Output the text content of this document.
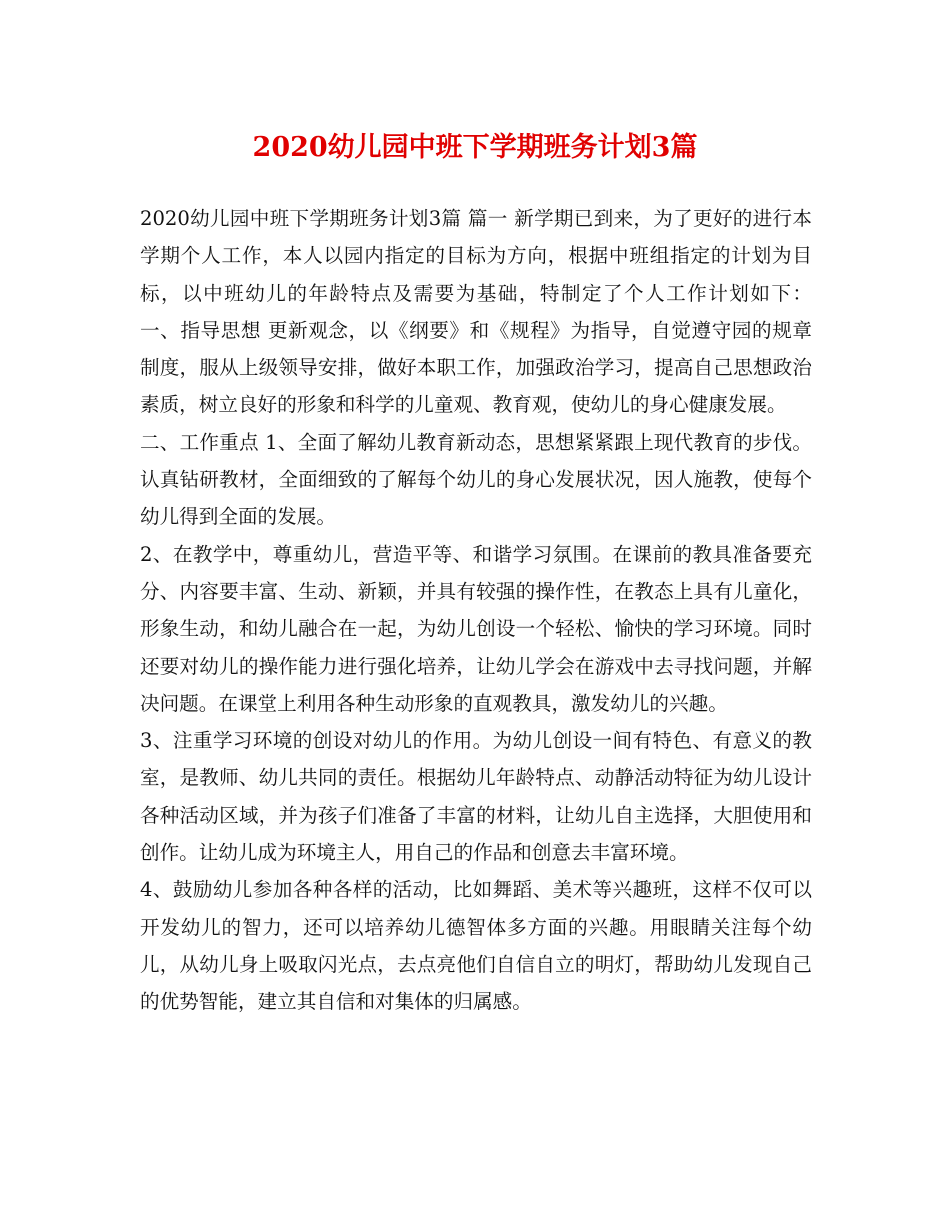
2020幼儿园中班下学期班务计划3篇

2020幼儿园中班下学期班务计划3篇 篇一 新学期已到来，为了更好的进行本学期个人工作，本人以园内指定的目标为方向，根据中班组指定的计划为目标，以中班幼儿的年龄特点及需要为基础，特制定了个人工作计划如下： 一、指导思想 更新观念，以《纲要》和《规程》为指导，自觉遵守园的规章制度，服从上级领导安排，做好本职工作，加强政治学习，提高自己思想政治素质，树立良好的形象和科学的儿童观、教育观，使幼儿的身心健康发展。

二、工作重点 1、全面了解幼儿教育新动态，思想紧紧跟上现代教育的步伐。认真钻研教材，全面细致的了解每个幼儿的身心发展状况，因人施教，使每个幼儿得到全面的发展。

2、在教学中，尊重幼儿，营造平等、和谐学习氛围。在课前的教具准备要充分、内容要丰富、生动、新颖，并具有较强的操作性，在教态上具有儿童化，形象生动，和幼儿融合在一起，为幼儿创设一个轻松、愉快的学习环境。同时还要对幼儿的操作能力进行强化培养，让幼儿学会在游戏中去寻找问题，并解决问题。在课堂上利用各种生动形象的直观教具，激发幼儿的兴趣。

3、注重学习环境的创设对幼儿的作用。为幼儿创设一间有特色、有意义的教室，是教师、幼儿共同的责任。根据幼儿年龄特点、动静活动特征为幼儿设计各种活动区域，并为孩子们准备了丰富的材料，让幼儿自主选择，大胆使用和创作。让幼儿成为环境主人，用自己的作品和创意去丰富环境。

4、鼓励幼儿参加各种各样的活动，比如舞蹈、美术等兴趣班，这样不仅可以开发幼儿的智力，还可以培养幼儿德智体多方面的兴趣。用眼睛关注每个幼儿，从幼儿身上吸取闪光点，去点亮他们自信自立的明灯，帮助幼儿发现自己的优势智能，建立其自信和对集体的归属感。
